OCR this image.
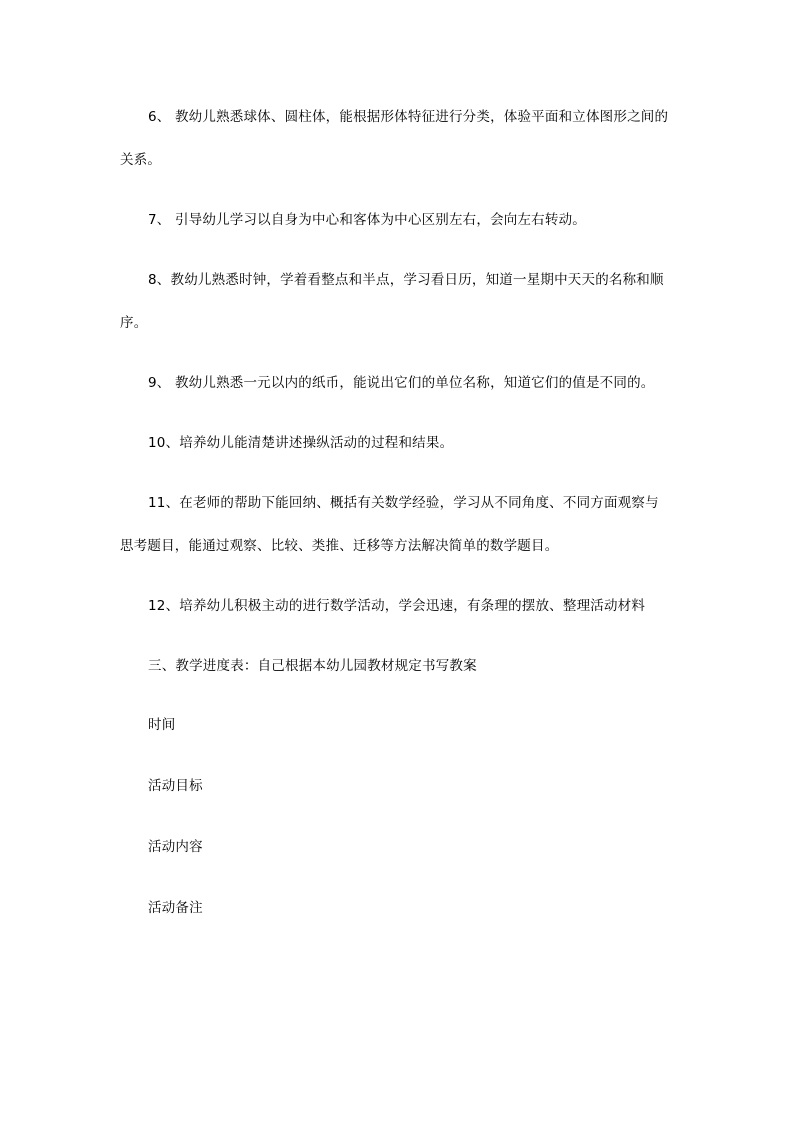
6、 教幼儿熟悉球体、圆柱体，能根据形体特征进行分类，体验平面和立体图形之间的
关系。
7、 引导幼儿学习以自身为中心和客体为中心区别左右，会向左右转动。
8、教幼儿熟悉时钟，学着看整点和半点，学习看日历，知道一星期中天天的名称和顺
序。
9、 教幼儿熟悉一元以内的纸币，能说出它们的单位名称，知道它们的值是不同的。
10、培养幼儿能清楚讲述操纵活动的过程和结果。
11、在老师的帮助下能回纳、概括有关数学经验，学习从不同角度、不同方面观察与
思考题目，能通过观察、比较、类推、迁移等方法解决简单的数学题目。
12、培养幼儿积极主动的进行数学活动，学会迅速，有条理的摆放、整理活动材料
三、教学进度表：自己根据本幼儿园教材规定书写教案
时间
活动目标
活动内容
活动备注
